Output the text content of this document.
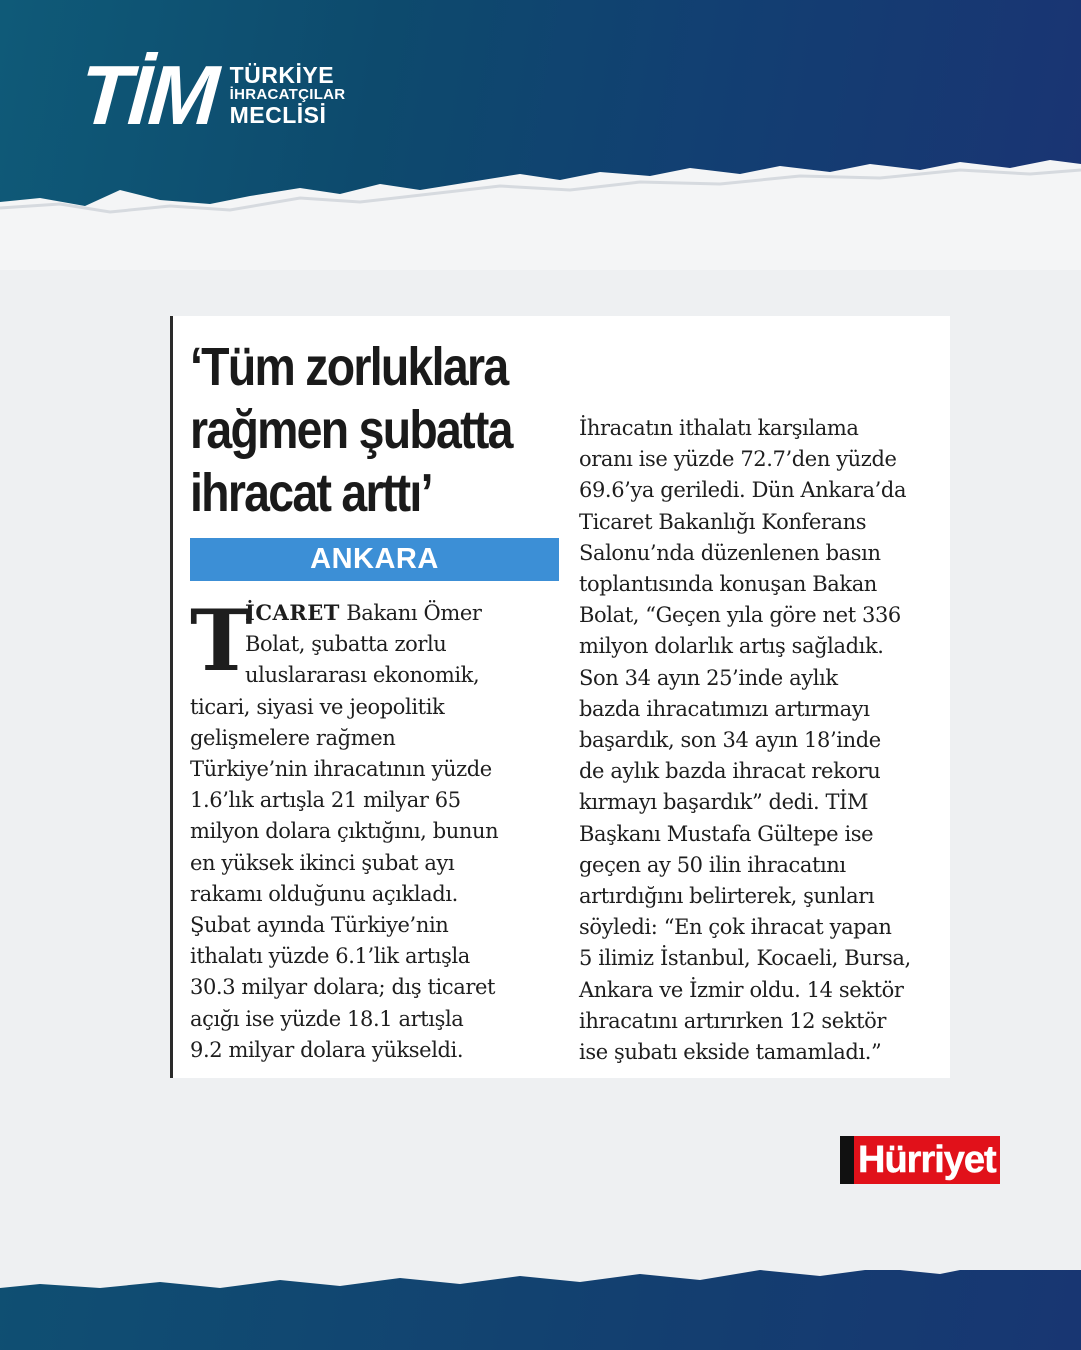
TİM TÜRKİYE
İHRACATÇILAR
MECLİSİ
‘Tüm zorluklara
rağmen şubatta
ihracat arttı’
ANKARA
T
İCARET Bakanı Ömer
Bolat, şubatta zorlu
uluslararası ekonomik,
ticari, siyasi ve jeopolitik
gelişmelere rağmen
Türkiye’nin ihracatının yüzde
1.6’lık artışla 21 milyar 65
milyon dolara çıktığını, bunun
en yüksek ikinci şubat ayı
rakamı olduğunu açıkladı.
Şubat ayında Türkiye’nin
ithalatı yüzde 6.1’lik artışla
30.3 milyar dolara; dış ticaret
açığı ise yüzde 18.1 artışla
9.2 milyar dolara yükseldi.
İhracatın ithalatı karşılama
oranı ise yüzde 72.7’den yüzde
69.6’ya geriledi. Dün Ankara’da
Ticaret Bakanlığı Konferans
Salonu’nda düzenlenen basın
toplantısında konuşan Bakan
Bolat, “Geçen yıla göre net 336
milyon dolarlık artış sağladık.
Son 34 ayın 25’inde aylık
bazda ihracatımızı artırmayı
başardık, son 34 ayın 18’inde
de aylık bazda ihracat rekoru
kırmayı başardık” dedi. TİM
Başkanı Mustafa Gültepe ise
geçen ay 50 ilin ihracatını
artırdığını belirterek, şunları
söyledi: “En çok ihracat yapan
5 ilimiz İstanbul, Kocaeli, Bursa,
Ankara ve İzmir oldu. 14 sektör
ihracatını artırırken 12 sektör
ise şubatı ekside tamamladı.”
Hürriyet
